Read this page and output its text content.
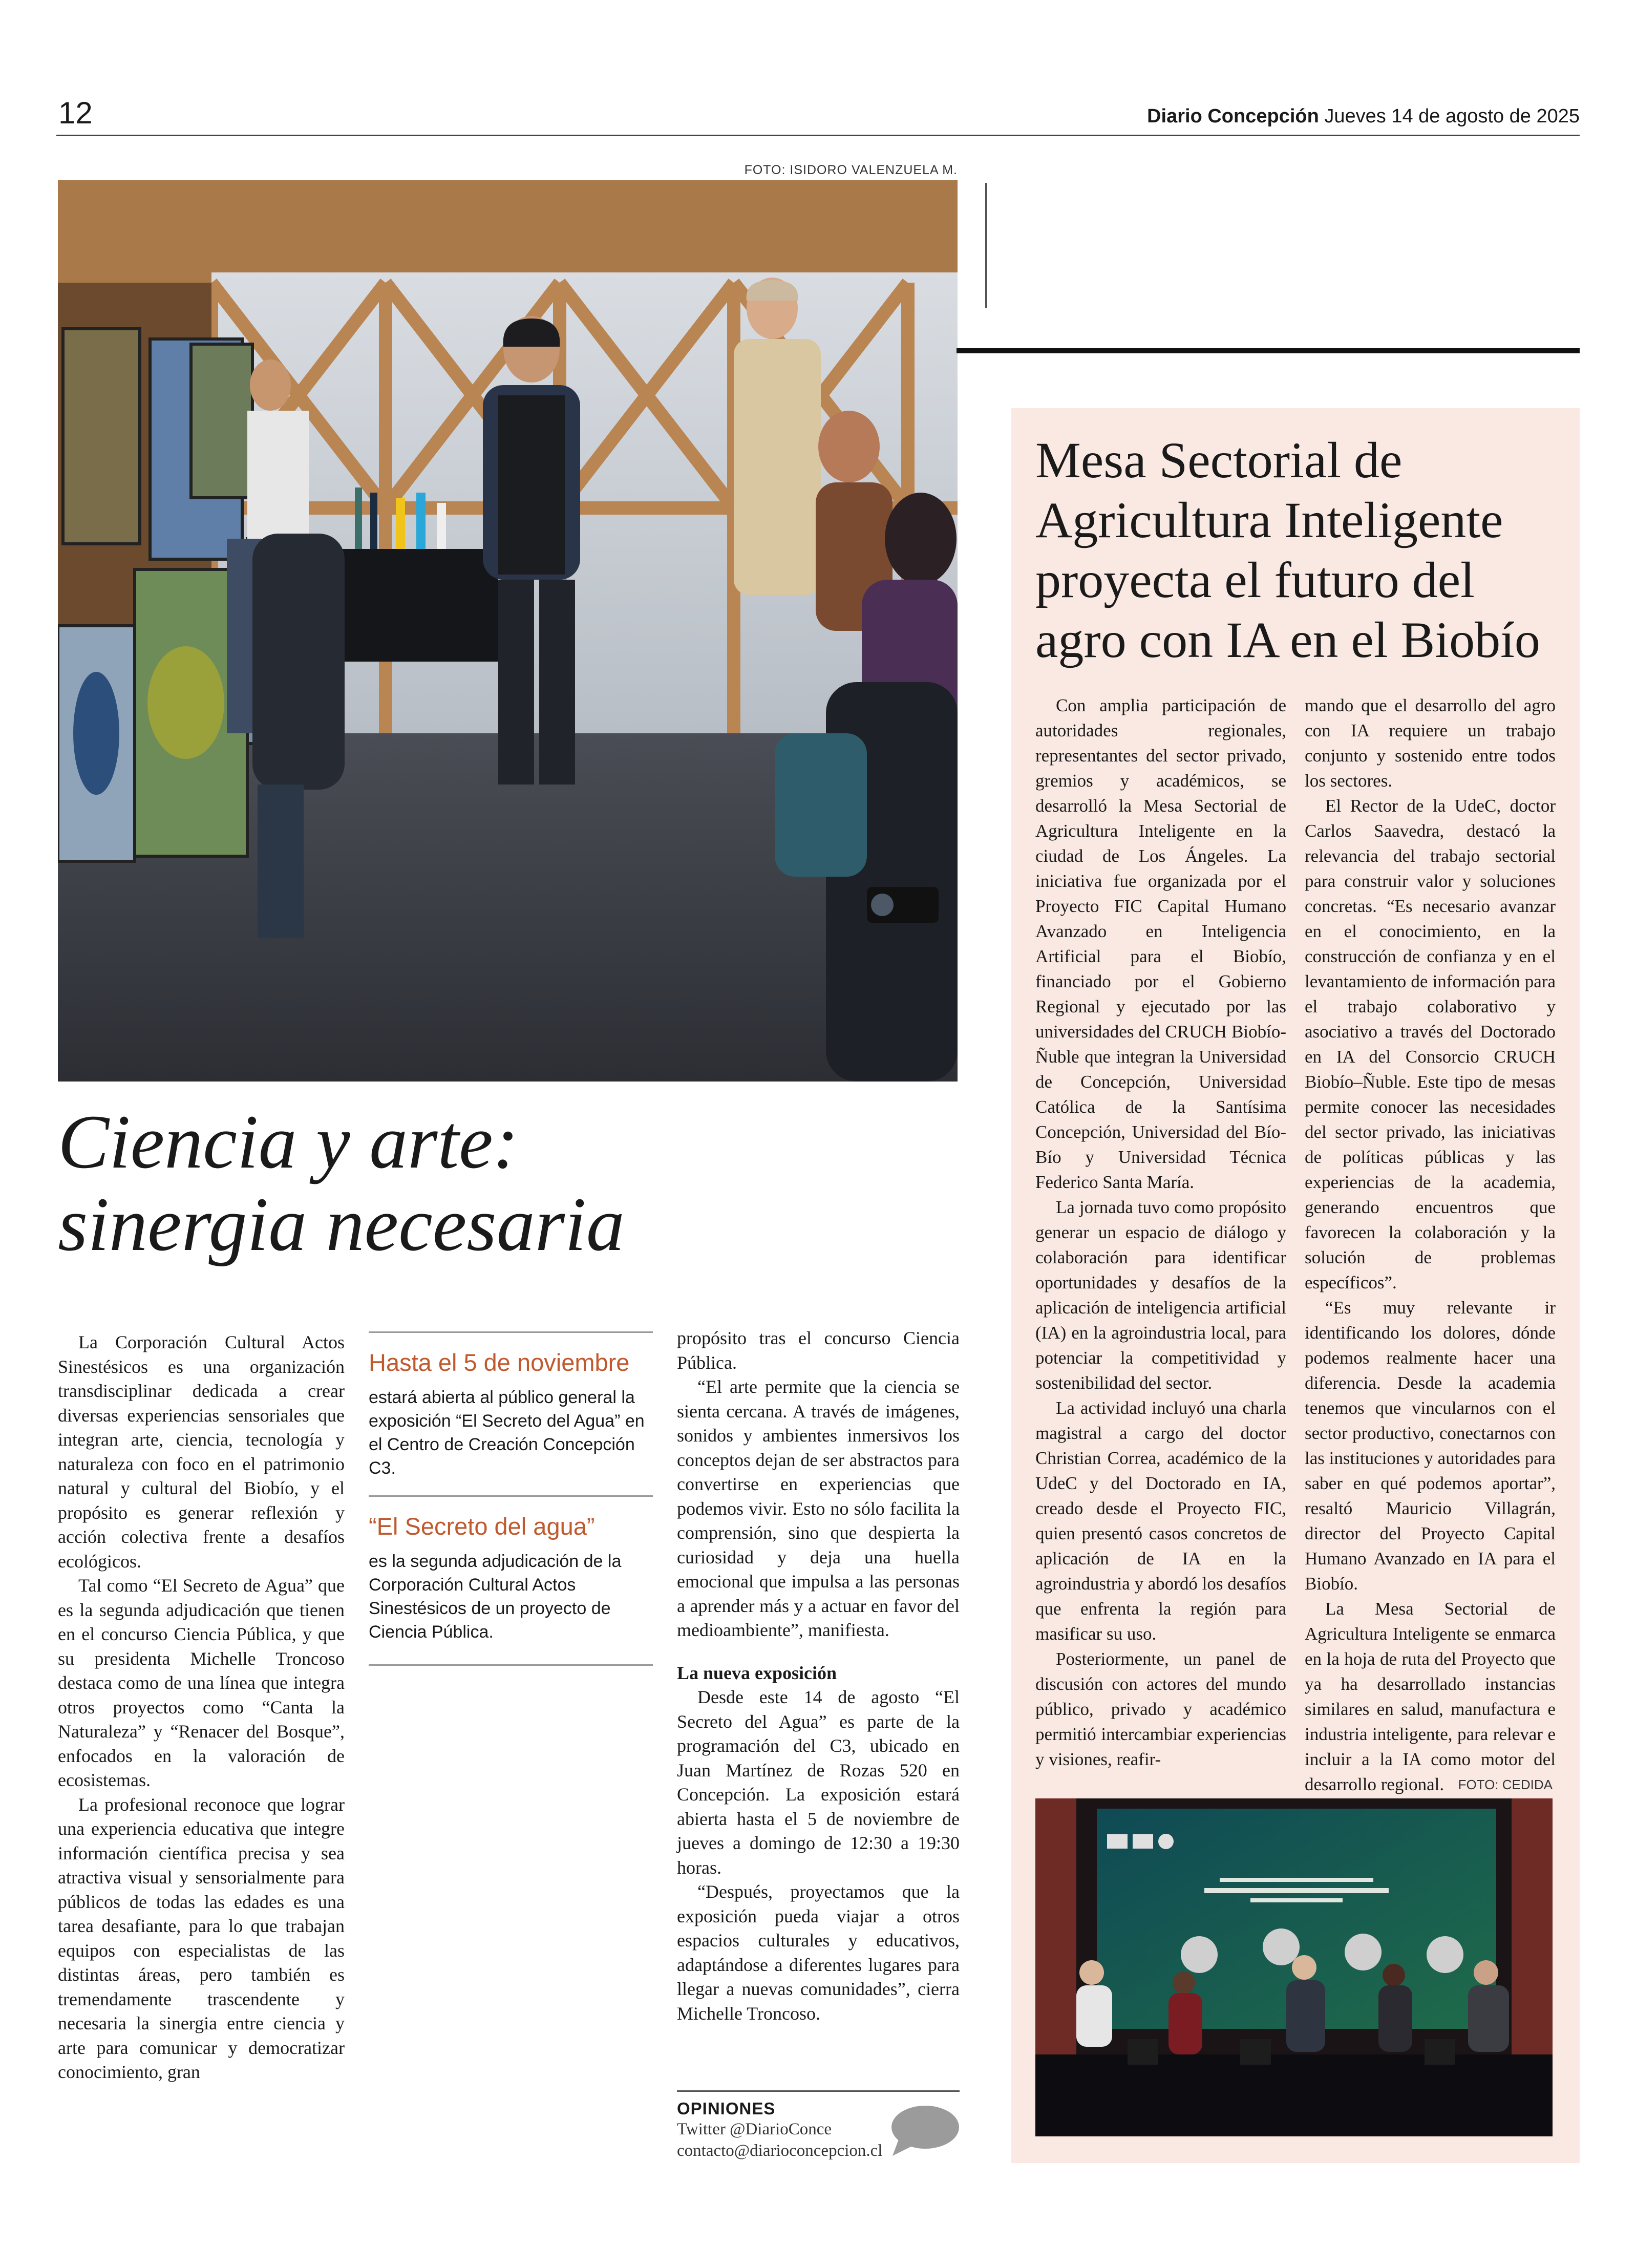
12	Diario Concepción Jueves 14 de agosto de 2025
FOTO: ISIDORO VALENZUELA M.
Ciencia y arte:
sinergia necesaria

La Corporación Cultural Actos Sinestésicos es una organización transdisciplinar dedicada a crear diversas experiencias sensoriales que integran arte, ciencia, tecnología y naturaleza con foco en el patrimonio natural y cultural del Biobío, y el propósito es generar reflexión y acción colectiva frente a desafíos ecológicos.

Tal como “El Secreto de Agua” que es la segunda adjudicación que tienen en el concurso Ciencia Pública, y que su presidenta Michelle Troncoso destaca como de una línea que integra otros proyectos como “Canta la Naturaleza” y “Renacer del Bosque”, enfocados en la valoración de ecosistemas.

La profesional reconoce que lograr una experiencia educativa que integre información científica precisa y sea atractiva visual y sensorialmente para públicos de todas las edades es una tarea desafiante, para lo que trabajan equipos con especialistas de las distintas áreas, pero también es tremendamente trascendente y necesaria la sinergia entre ciencia y arte para comunicar y democratizar conocimiento, gran

Hasta el 5 de noviembre
estará abierta al público general la exposición “El Secreto del Agua” en el Centro de Creación Concepción C3.
“El Secreto del agua”
es la segunda adjudicación de la Corporación Cultural Actos Sinestésicos de un proyecto de Ciencia Pública.

propósito tras el concurso Ciencia Pública.

“El arte permite que la ciencia se sienta cercana. A través de imágenes, sonidos y ambientes inmersivos los conceptos dejan de ser abstractos para convertirse en experiencias que podemos vivir. Esto no sólo facilita la comprensión, sino que despierta la curiosidad y deja una huella emocional que impulsa a las personas a aprender más y a actuar en favor del medioambiente”, manifiesta.

La nueva exposición

Desde este 14 de agosto “El Secreto del Agua” es parte de la programación del C3, ubicado en Juan Martínez de Rozas 520 en Concepción. La exposición estará abierta hasta el 5 de noviembre de jueves a domingo de 12:30 a 19:30 horas.

“Después, proyectamos que la exposición pueda viajar a otros espacios culturales y educativos, adaptándose a diferentes lugares para llegar a nuevas comunidades”, cierra Michelle Troncoso.

OPINIONES
Twitter @DiarioConce
contacto@diarioconcepcion.cl
Mesa Sectorial de Agricultura Inteligente proyecta el futuro del agro con IA en el Biobío

Con amplia participación de autoridades regionales, representantes del sector privado, gremios y académicos, se desarrolló la Mesa Sectorial de Agricultura Inteligente en la ciudad de Los Ángeles. La iniciativa fue organizada por el Proyecto FIC Capital Humano Avanzado en Inteligencia Artificial para el Biobío, financiado por el Gobierno Regional y ejecutado por las universidades del CRUCH Biobío-Ñuble que integran la Universidad de Concepción, Universidad Católica de la Santísima Concepción, Universidad del Bío-Bío y Universidad Técnica Federico Santa María.

La jornada tuvo como propósito generar un espacio de diálogo y colaboración para identificar oportunidades y desafíos de la aplicación de inteligencia artificial (IA) en la agroindustria local, para potenciar la competitividad y sostenibilidad del sector.

La actividad incluyó una charla magistral a cargo del doctor Christian Correa, académico de la UdeC y del Doctorado en IA, creado desde el Proyecto FIC, quien presentó casos concretos de aplicación de IA en la agroindustria y abordó los desafíos que enfrenta la región para masificar su uso.

Posteriormente, un panel de discusión con actores del mundo público, privado y académico permitió intercambiar experiencias y visiones, reafir-

mando que el desarrollo del agro con IA requiere un trabajo conjunto y sostenido entre todos los sectores.

El Rector de la UdeC, doctor Carlos Saavedra, destacó la relevancia del trabajo sectorial para construir valor y soluciones concretas. “Es necesario avanzar en el conocimiento, en la construcción de confianza y en el levantamiento de información para el trabajo colaborativo y asociativo a través del Doctorado en IA del Consorcio CRUCH Biobío–Ñuble. Este tipo de mesas permite conocer las necesidades del sector privado, las iniciativas de políticas públicas y las experiencias de la academia, generando encuentros que favorecen la colaboración y la solución de problemas específicos”.

“Es muy relevante ir identificando los dolores, dónde podemos realmente hacer una diferencia. Desde la academia tenemos que vincularnos con el sector productivo, conectarnos con las instituciones y autoridades para saber en qué podemos aportar”, resaltó Mauricio Villagrán, director del Proyecto Capital Humano Avanzado en IA para el Biobío.

La Mesa Sectorial de Agricultura Inteligente se enmarca en la hoja de ruta del Proyecto que ya ha desarrollado instancias similares en salud, manufactura e industria inteligente, para relevar e incluir a la IA como motor del desarrollo regional.	FOTO: CEDIDA
